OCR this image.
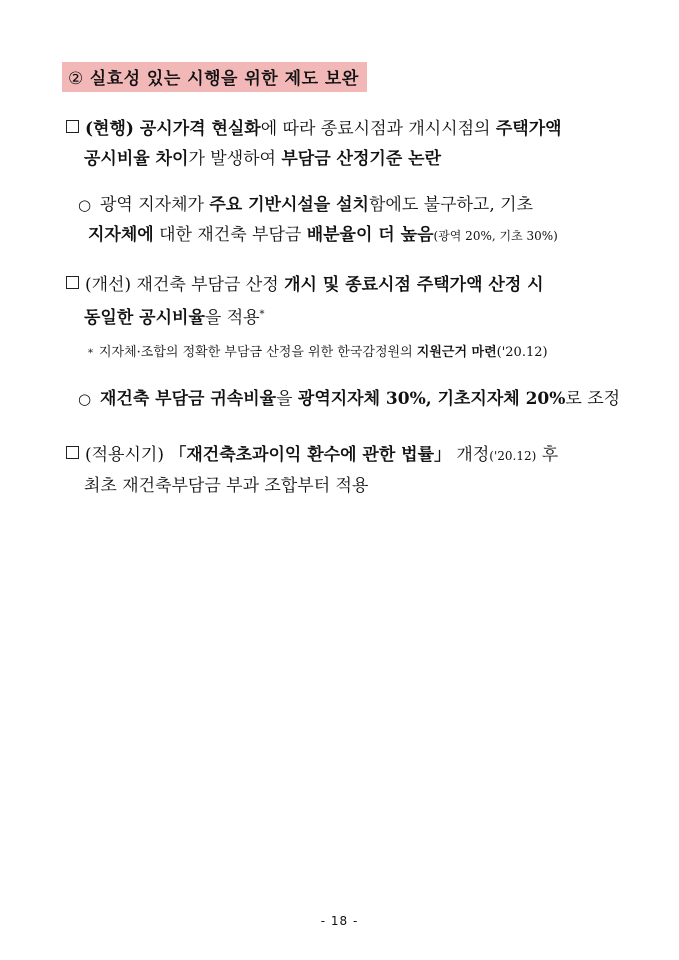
② 실효성 있는 시행을 위한 제도 보완
(현행) 공시가격 현실화에 따라 종료시점과 개시시점의 주택가액
공시비율 차이가 발생하여 부담금 산정기준 논란
○ 광역 지자체가 주요 기반시설을 설치함에도 불구하고, 기초
지자체에 대한 재건축 부담금 배분율이 더 높음(광역 20%, 기초 30%)
(개선) 재건축 부담금 산정 개시 및 종료시점 주택가액 산정 시
동일한 공시비율을 적용*
* 지자체·조합의 정확한 부담금 산정을 위한 한국감정원의 지원근거 마련('20.12)
○ 재건축 부담금 귀속비율을 광역지자체 30%, 기초지자체 20%로 조정
(적용시기) 「재건축초과이익 환수에 관한 법률」 개정('20.12) 후
최초 재건축부담금 부과 조합부터 적용
- 18 -
